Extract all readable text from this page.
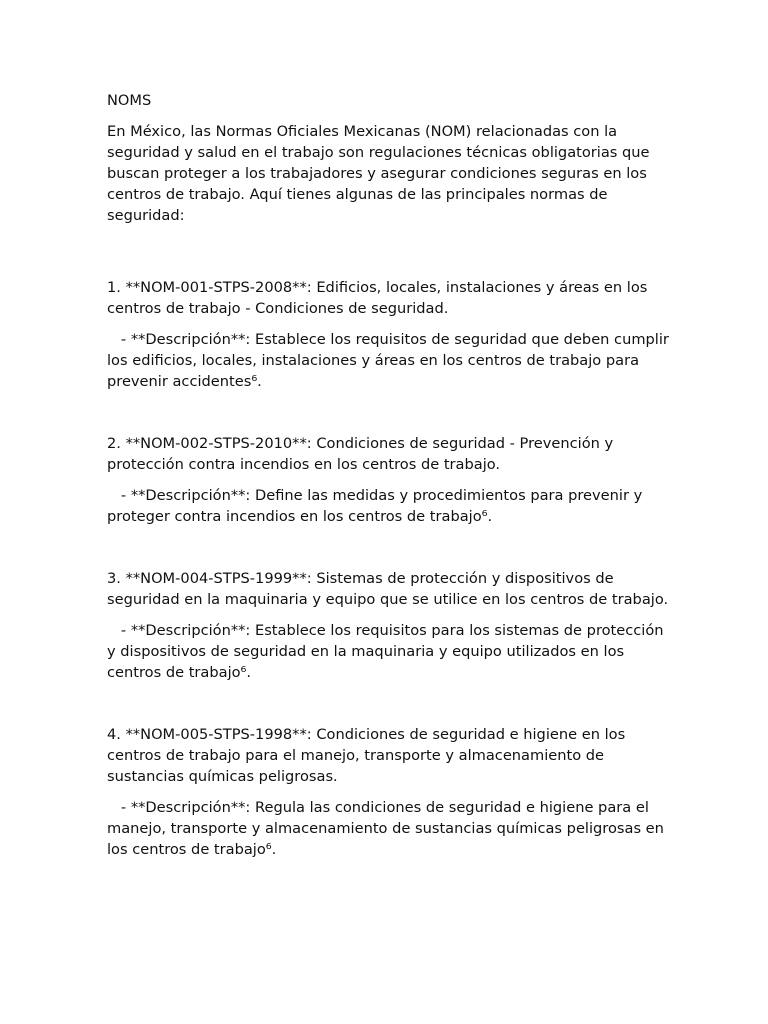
NOMS

En México, las Normas Oficiales Mexicanas (NOM) relacionadas con la seguridad y salud en el trabajo son regulaciones técnicas obligatorias que buscan proteger a los trabajadores y asegurar condiciones seguras en los centros de trabajo. Aquí tienes algunas de las principales normas de seguridad:

1. **NOM-001-STPS-2008**: Edificios, locales, instalaciones y áreas en los centros de trabajo - Condiciones de seguridad.

- **Descripción**: Establece los requisitos de seguridad que deben cumplir los edificios, locales, instalaciones y áreas en los centros de trabajo para prevenir accidentes⁶.

2. **NOM-002-STPS-2010**: Condiciones de seguridad - Prevención y protección contra incendios en los centros de trabajo.

- **Descripción**: Define las medidas y procedimientos para prevenir y proteger contra incendios en los centros de trabajo⁶.

3. **NOM-004-STPS-1999**: Sistemas de protección y dispositivos de seguridad en la maquinaria y equipo que se utilice en los centros de trabajo.

- **Descripción**: Establece los requisitos para los sistemas de protección y dispositivos de seguridad en la maquinaria y equipo utilizados en los centros de trabajo⁶.

4. **NOM-005-STPS-1998**: Condiciones de seguridad e higiene en los centros de trabajo para el manejo, transporte y almacenamiento de sustancias químicas peligrosas.

- **Descripción**: Regula las condiciones de seguridad e higiene para el manejo, transporte y almacenamiento de sustancias químicas peligrosas en los centros de trabajo⁶.
